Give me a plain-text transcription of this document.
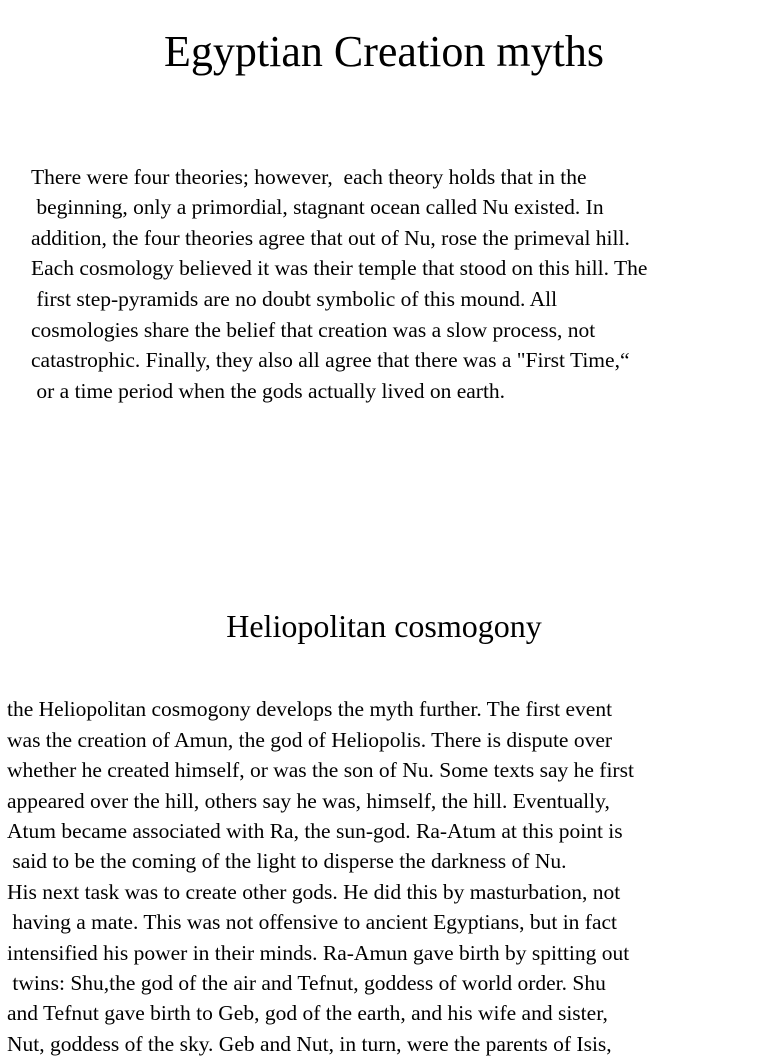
Egyptian Creation myths

There were four theories; however,  each theory holds that in the
beginning, only a primordial, stagnant ocean called Nu existed. In
addition, the four theories agree that out of Nu, rose the primeval hill.
Each cosmology believed it was their temple that stood on this hill. The
first step-pyramids are no doubt symbolic of this mound. All
cosmologies share the belief that creation was a slow process, not
catastrophic. Finally, they also all agree that there was a "First Time,“
or a time period when the gods actually lived on earth.

Heliopolitan cosmogony

the Heliopolitan cosmogony develops the myth further. The first event
was the creation of Amun, the god of Heliopolis. There is dispute over
whether he created himself, or was the son of Nu. Some texts say he first
appeared over the hill, others say he was, himself, the hill. Eventually,
Atum became associated with Ra, the sun-god. Ra-Atum at this point is
said to be the coming of the light to disperse the darkness of Nu.
His next task was to create other gods. He did this by masturbation, not
having a mate. This was not offensive to ancient Egyptians, but in fact
intensified his power in their minds. Ra-Amun gave birth by spitting out
twins: Shu,the god of the air and Tefnut, goddess of world order. Shu
and Tefnut gave birth to Geb, god of the earth, and his wife and sister,
Nut, goddess of the sky. Geb and Nut, in turn, were the parents of Isis,
